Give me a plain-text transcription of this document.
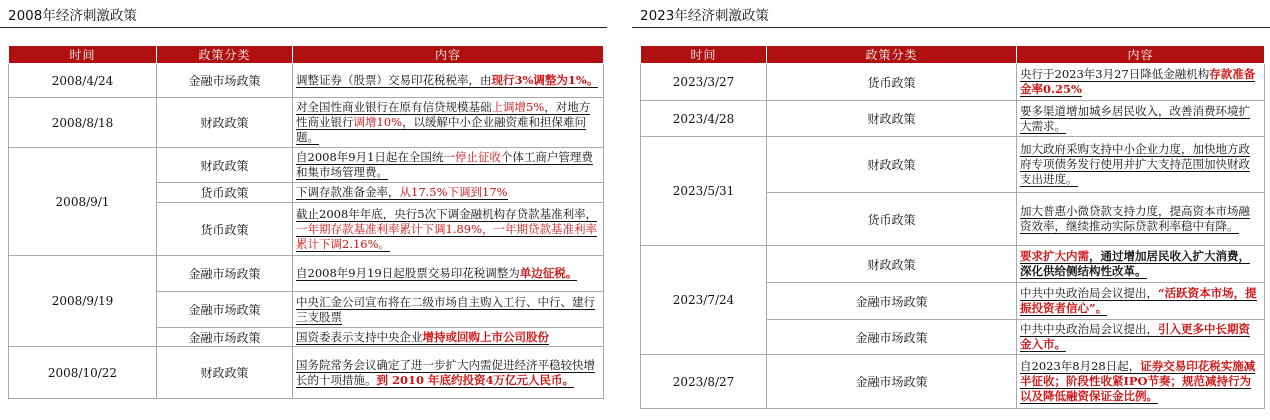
2008年经济刺激政策
时间	政策分类	内容
2008/4/24	金融市场政策	调整证券（股票）交易印花税税率，由现行3%调整为1%。
2008/8/18	财政政策	对全国性商业银行在原有信贷规模基础上调增5%，对地方性商业银行调增10%，以缓解中小企业融资难和担保难问题。
2008/9/1	财政政策	自2008年9月1日起在全国统一停止征收个体工商户管理费和集市场管理费。
	货币政策	下调存款准备金率，从17.5%下调到17%
	货币政策	截止2008年年底，央行5次下调金融机构存贷款基准利率，一年期存款基准利率累计下调1.89%，一年期贷款基准利率累计下调2.16%。
2008/9/19	金融市场政策	自2008年9月19日起股票交易印花税调整为单边征税。
	金融市场政策	中央汇金公司宣布将在二级市场自主购入工行、中行、建行三支股票
	金融市场政策	国资委表示支持中央企业增持或回购上市公司股份
2008/10/22	财政政策	国务院常务会议确定了进一步扩大内需促进经济平稳较快增长的十项措施。到 2010 年底约投资4万亿元人民币。
2023年经济刺激政策
时间	政策分类	内容
2023/3/27	货币政策	央行于2023年3月27日降低金融机构存款准备金率0.25%
2023/4/28	财政政策	要多渠道增加城乡居民收入，改善消费环境扩大需求。
2023/5/31	财政政策	加大政府采购支持中小企业力度，加快地方政府专项债务发行使用并扩大支持范围加快财政支出进度。
	货币政策	加大普惠小微贷款支持力度，提高资本市场融资效率，继续推动实际贷款利率稳中有降。
2023/7/24	财政政策	要求扩大内需，通过增加居民收入扩大消费，深化供给侧结构性改革。
	金融市场政策	中共中央政治局会议提出，“活跃资本市场，提振投资者信心”。
	金融市场政策	中共中央政治局会议提出，引入更多中长期资金入市。
2023/8/27	金融市场政策	自2023年8月28日起，证券交易印花税实施减半征收；阶段性收紧IPO节奏；规范减持行为以及降低融资保证金比例。
